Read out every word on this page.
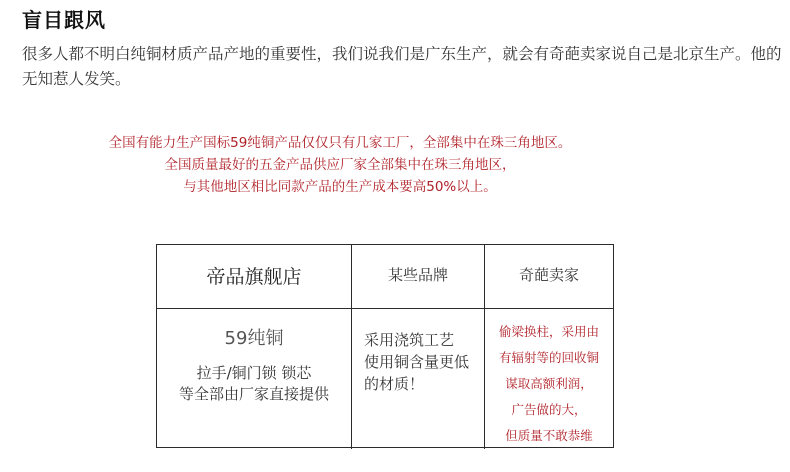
盲目跟风
很多人都不明白纯铜材质产品产地的重要性，我们说我们是广东生产，就会有奇葩卖家说自己是北京生产。他的无知惹人发笑。
全国有能力生产国标59纯铜产品仅仅只有几家工厂，全部集中在珠三角地区。
全国质量最好的五金产品供应厂家全部集中在珠三角地区，
与其他地区相比同款产品的生产成本要高50%以上。
帝品旗舰店	某些品牌	奇葩卖家
59纯铜
拉手/铜门锁 锁芯
等全部由厂家直接提供
采用浇筑工艺
使用铜含量更低
的材质！
偷梁换柱，采用由
有辐射等的回收铜
谋取高额利润，
广告做的大，
但质量不敢恭维
